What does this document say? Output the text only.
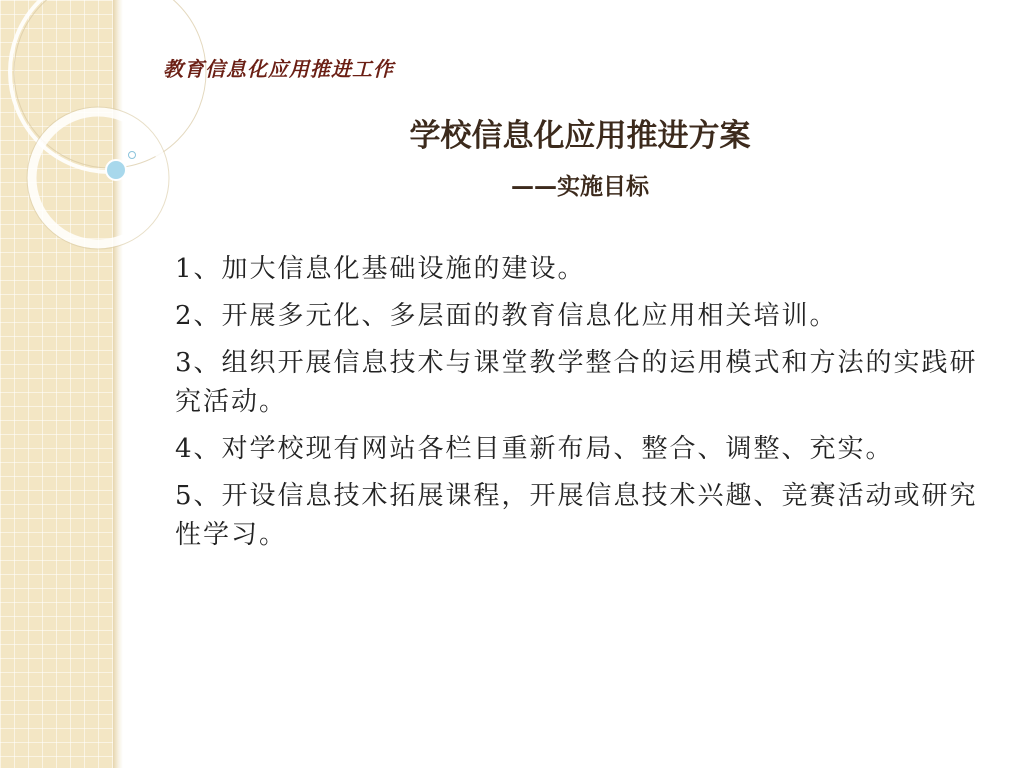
教育信息化应用推进工作
学校信息化应用推进方案
——实施目标
1、加大信息化基础设施的建设。
2、开展多元化、多层面的教育信息化应用相关培训。
3、组织开展信息技术与课堂教学整合的运用模式和方法的实践研究活动。
4、对学校现有网站各栏目重新布局、整合、调整、充实。
5、开设信息技术拓展课程，开展信息技术兴趣、竞赛活动或研究性学习。
